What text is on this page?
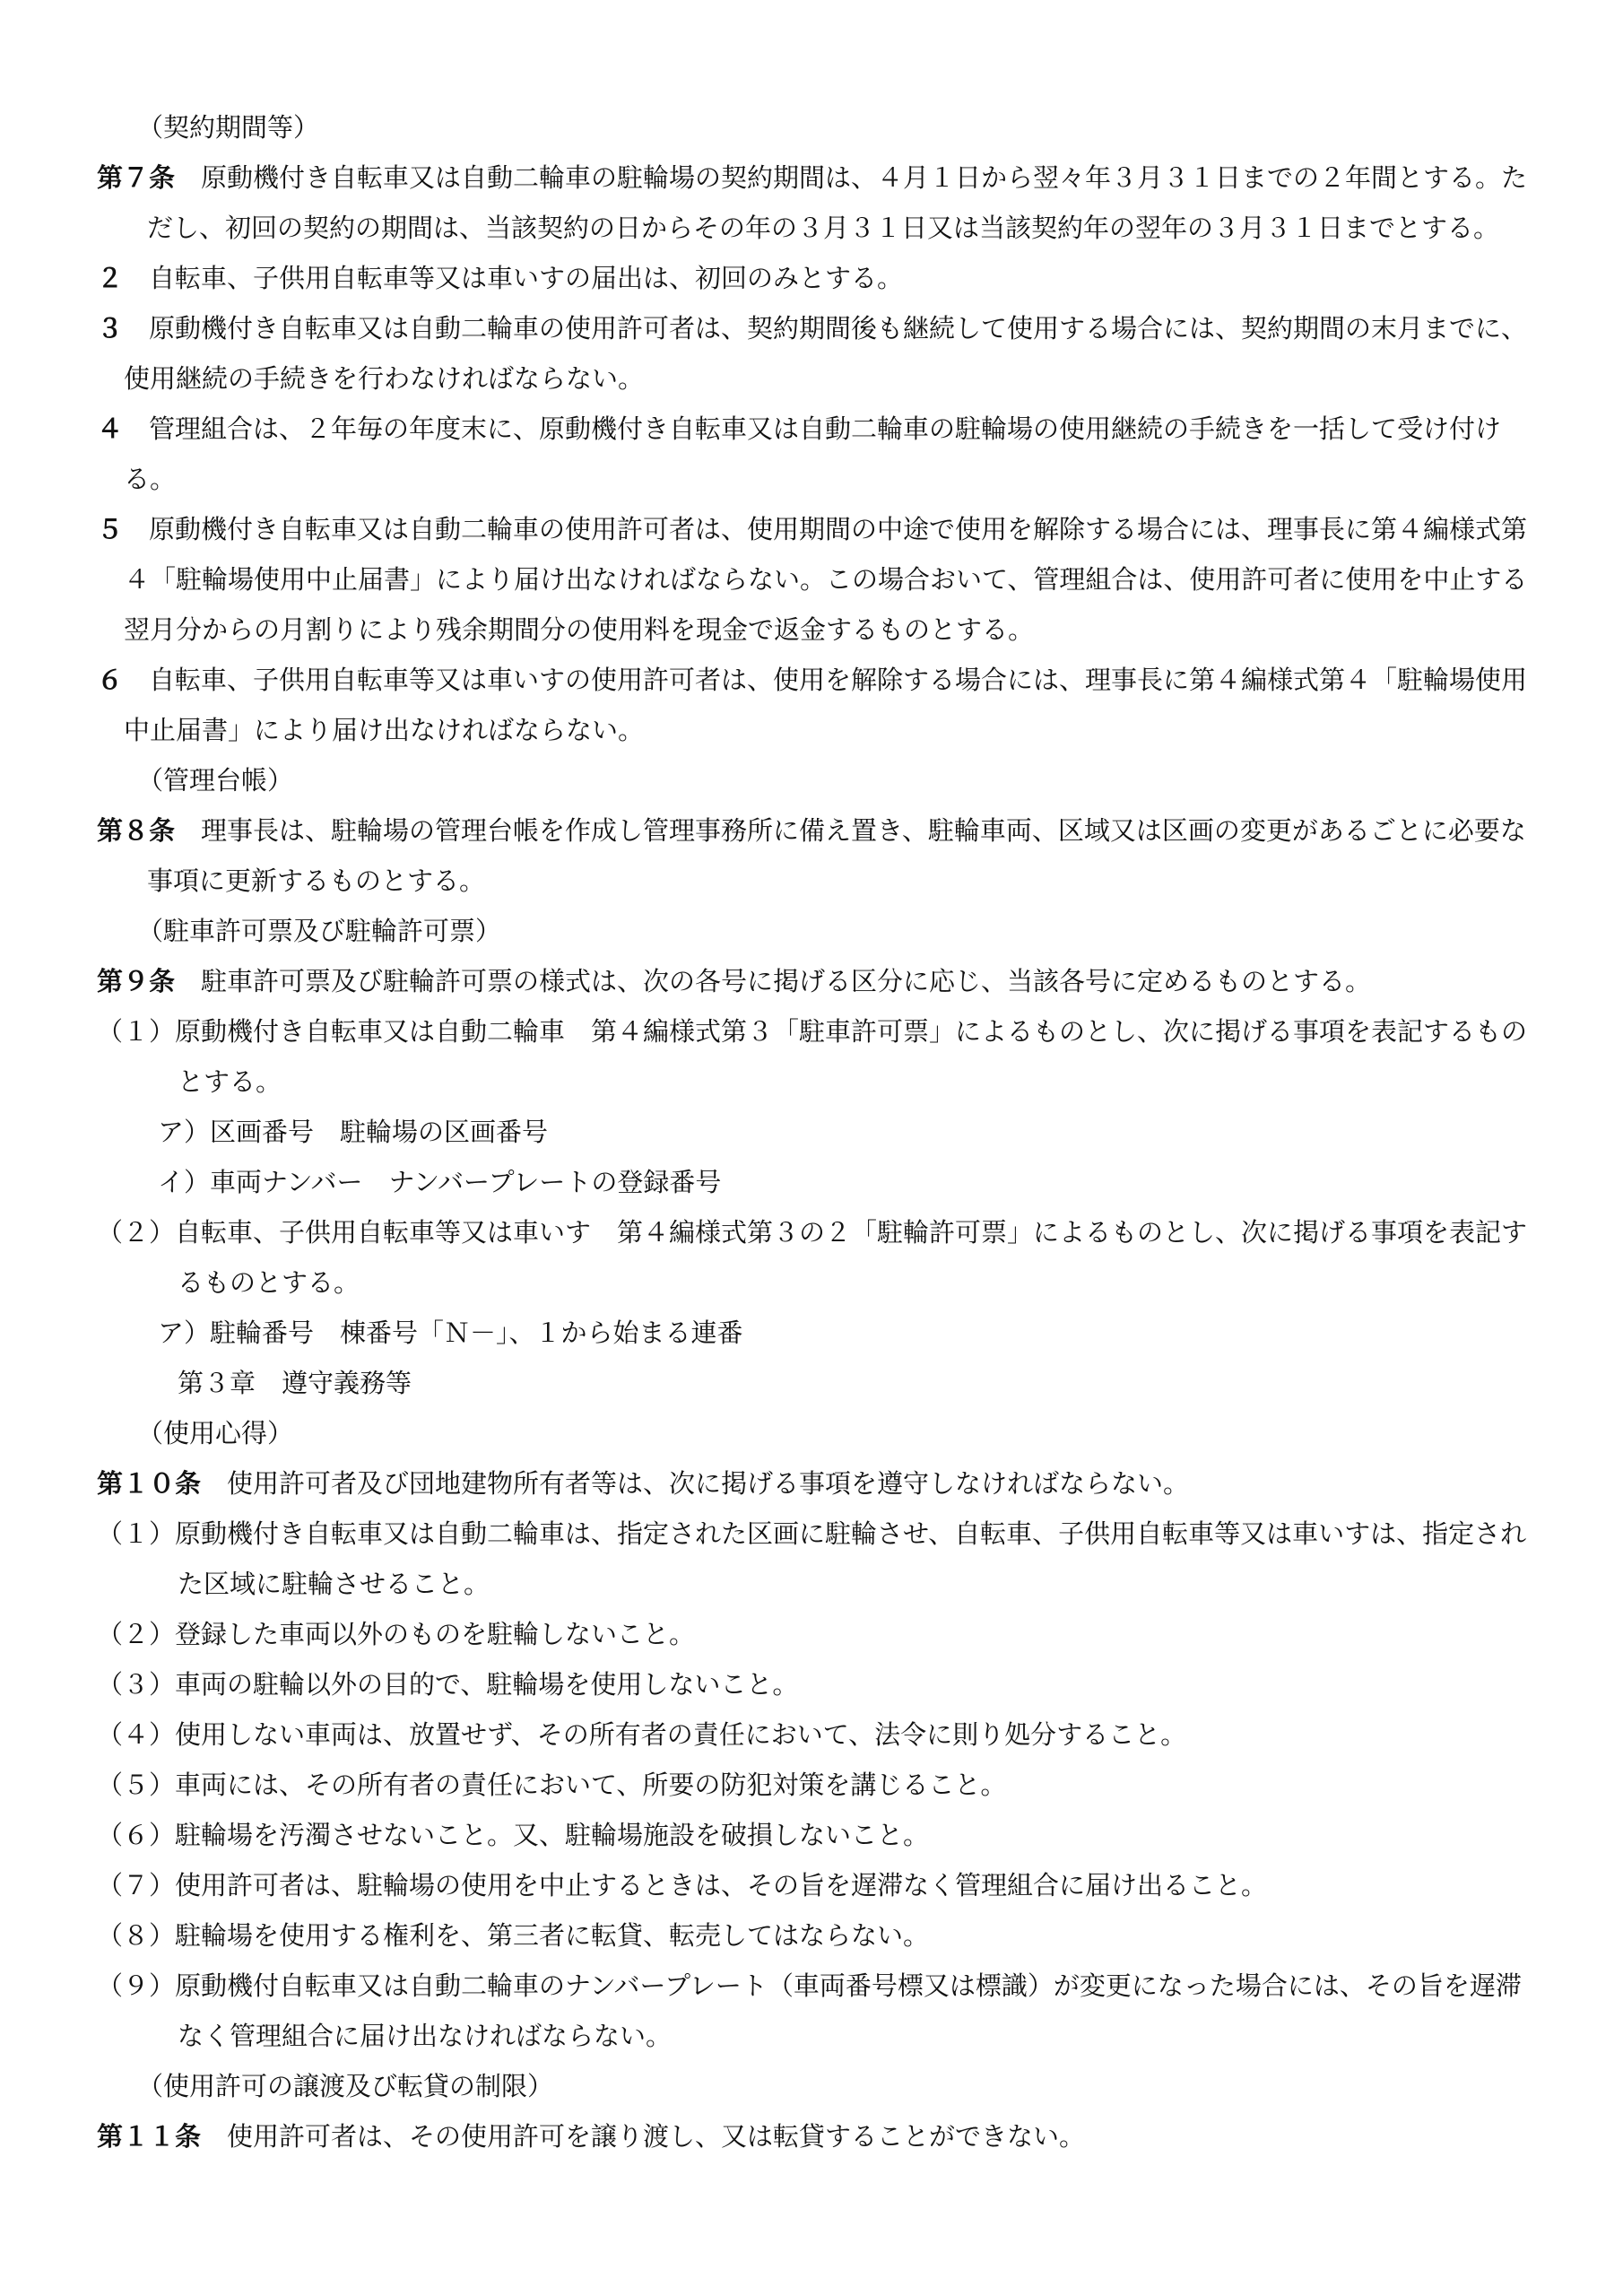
（契約期間等）

第７条　原動機付き自転車又は自動二輪車の駐輪場の契約期間は、４月１日から翌々年３月３１日までの２年間とする。ただし、初回の契約の期間は、当該契約の日からその年の３月３１日又は当該契約年の翌年の３月３１日までとする。

２　自転車、子供用自転車等又は車いすの届出は、初回のみとする。

３　原動機付き自転車又は自動二輪車の使用許可者は、契約期間後も継続して使用する場合には、契約期間の末月までに、使用継続の手続きを行わなければならない。

４　管理組合は、２年毎の年度末に、原動機付き自転車又は自動二輪車の駐輪場の使用継続の手続きを一括して受け付ける。

５　原動機付き自転車又は自動二輪車の使用許可者は、使用期間の中途で使用を解除する場合には、理事長に第４編様式第４「駐輪場使用中止届書」により届け出なければならない。この場合おいて、管理組合は、使用許可者に使用を中止する翌月分からの月割りにより残余期間分の使用料を現金で返金するものとする。

６　自転車、子供用自転車等又は車いすの使用許可者は、使用を解除する場合には、理事長に第４編様式第４「駐輪場使用中止届書」により届け出なければならない。

（管理台帳）

第８条　理事長は、駐輪場の管理台帳を作成し管理事務所に備え置き、駐輪車両、区域又は区画の変更があるごとに必要な事項に更新するものとする。

（駐車許可票及び駐輪許可票）

第９条　駐車許可票及び駐輪許可票の様式は、次の各号に掲げる区分に応じ、当該各号に定めるものとする。

（１）原動機付き自転車又は自動二輪車　第４編様式第３「駐車許可票」によるものとし、次に掲げる事項を表記するものとする。

ア）区画番号　駐輪場の区画番号

イ）車両ナンバー　ナンバープレートの登録番号

（２）自転車、子供用自転車等又は車いす　第４編様式第３の２「駐輪許可票」によるものとし、次に掲げる事項を表記するものとする。

ア）駐輪番号　棟番号「Ｎ－」、１から始まる連番

第３章　遵守義務等

（使用心得）

第１０条　使用許可者及び団地建物所有者等は、次に掲げる事項を遵守しなければならない。

（１）原動機付き自転車又は自動二輪車は、指定された区画に駐輪させ、自転車、子供用自転車等又は車いすは、指定された区域に駐輪させること。

（２）登録した車両以外のものを駐輪しないこと。

（３）車両の駐輪以外の目的で、駐輪場を使用しないこと。

（４）使用しない車両は、放置せず、その所有者の責任において、法令に則り処分すること。

（５）車両には、その所有者の責任において、所要の防犯対策を講じること。

（６）駐輪場を汚濁させないこと。又、駐輪場施設を破損しないこと。

（７）使用許可者は、駐輪場の使用を中止するときは、その旨を遅滞なく管理組合に届け出ること。

（８）駐輪場を使用する権利を、第三者に転貸、転売してはならない。

（９）原動機付自転車又は自動二輪車のナンバープレート（車両番号標又は標識）が変更になった場合には、その旨を遅滞なく管理組合に届け出なければならない。

（使用許可の譲渡及び転貸の制限）

第１１条　使用許可者は、その使用許可を譲り渡し、又は転貸することができない。
